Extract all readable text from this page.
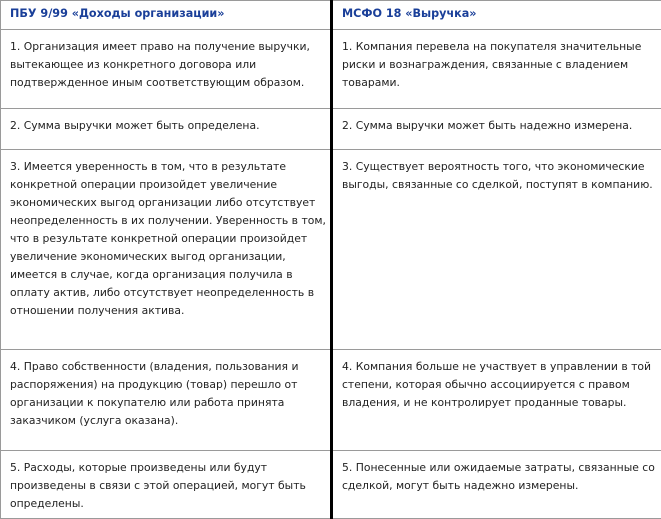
ПБУ 9/99 «Доходы организации»	МСФО 18 «Выручка»

1. Организация имеет право на получение выручки, вытекающее из конкретного договора или подтвержденное иным соответствующим образом.	1. Компания перевела на покупателя значительные риски и вознаграждения, связанные с владением товарами.

2. Сумма выручки может быть определена.	2. Сумма выручки может быть надежно измерена.

3. Имеется уверенность в том, что в результате конкретной операции произойдет увеличение экономических выгод организации либо отсутствует неопределенность в их получении. Уверенность в том, что в результате конкретной операции произойдет увеличение экономических выгод организации, имеется в случае, когда организация получила в оплату актив, либо отсутствует неопределенность в отношении получения актива.	3. Существует вероятность того, что экономические выгоды, связанные со сделкой, поступят в компанию.

4. Право собственности (владения, пользования и распоряжения) на продукцию (товар) перешло от организации к покупателю или работа принята заказчиком (услуга оказана).	4. Компания больше не участвует в управлении в той степени, которая обычно ассоциируется с правом владения, и не контролирует проданные товары.

5. Расходы, которые произведены или будут произведены в связи с этой операцией, могут быть определены.	5. Понесенные или ожидаемые затраты, связанные со сделкой, могут быть надежно измерены.
